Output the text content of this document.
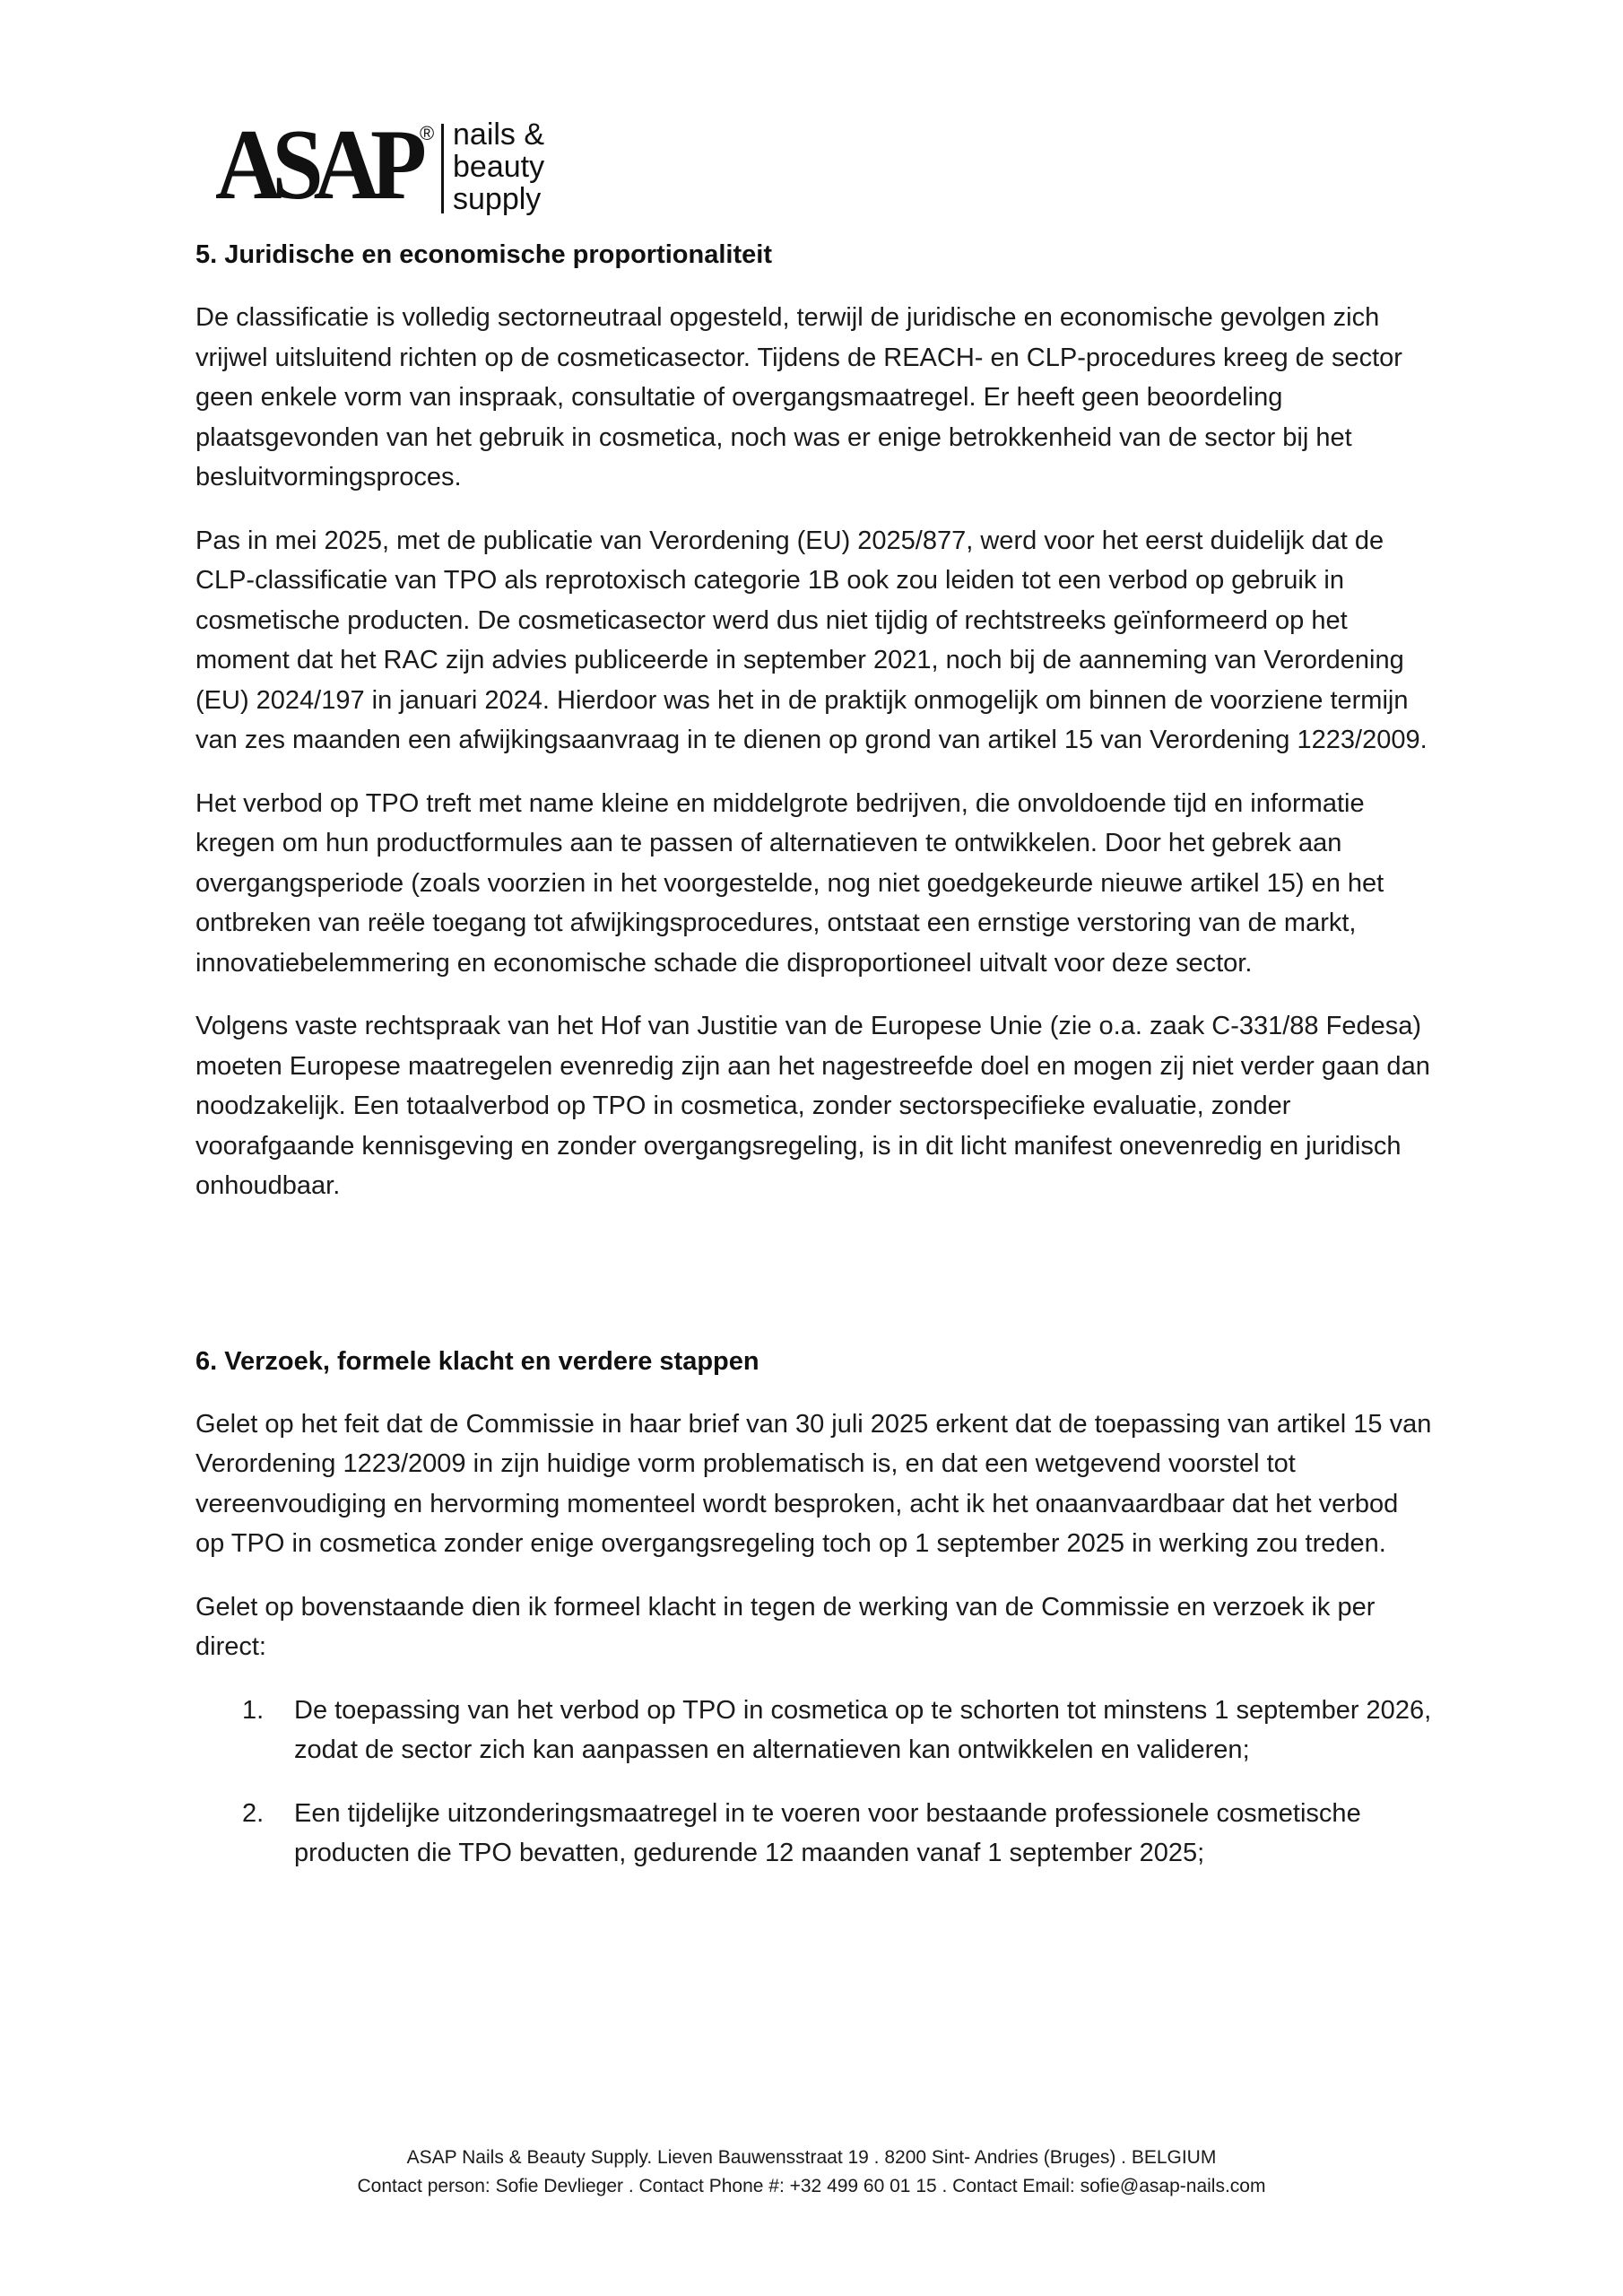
ASAP ® nails &
beauty
supply
5. Juridische en economische proportionaliteit

De classificatie is volledig sectorneutraal opgesteld, terwijl de juridische en economische gevolgen zich vrijwel uitsluitend richten op de cosmeticasector. Tijdens de REACH- en CLP-procedures kreeg de sector geen enkele vorm van inspraak, consultatie of overgangsmaatregel. Er heeft geen beoordeling plaatsgevonden van het gebruik in cosmetica, noch was er enige betrokkenheid van de sector bij het besluitvormingsproces.

Pas in mei 2025, met de publicatie van Verordening (EU) 2025/877, werd voor het eerst duidelijk dat de CLP-classificatie van TPO als reprotoxisch categorie 1B ook zou leiden tot een verbod op gebruik in cosmetische producten. De cosmeticasector werd dus niet tijdig of rechtstreeks geïnformeerd op het moment dat het RAC zijn advies publiceerde in september 2021, noch bij de aanneming van Verordening (EU) 2024/197 in januari 2024. Hierdoor was het in de praktijk onmogelijk om binnen de voorziene termijn van zes maanden een afwijkingsaanvraag in te dienen op grond van artikel 15 van Verordening 1223/2009.

Het verbod op TPO treft met name kleine en middelgrote bedrijven, die onvoldoende tijd en informatie kregen om hun productformules aan te passen of alternatieven te ontwikkelen. Door het gebrek aan overgangsperiode (zoals voorzien in het voorgestelde, nog niet goedgekeurde nieuwe artikel 15) en het ontbreken van reële toegang tot afwijkingsprocedures, ontstaat een ernstige verstoring van de markt, innovatiebelemmering en economische schade die disproportioneel uitvalt voor deze sector.

Volgens vaste rechtspraak van het Hof van Justitie van de Europese Unie (zie o.a. zaak C-331/88 Fedesa) moeten Europese maatregelen evenredig zijn aan het nagestreefde doel en mogen zij niet verder gaan dan noodzakelijk. Een totaalverbod op TPO in cosmetica, zonder sectorspecifieke evaluatie, zonder voorafgaande kennisgeving en zonder overgangsregeling, is in dit licht manifest onevenredig en juridisch onhoudbaar.

6. Verzoek, formele klacht en verdere stappen

Gelet op het feit dat de Commissie in haar brief van 30 juli 2025 erkent dat de toepassing van artikel 15 van Verordening 1223/2009 in zijn huidige vorm problematisch is, en dat een wetgevend voorstel tot vereenvoudiging en hervorming momenteel wordt besproken, acht ik het onaanvaardbaar dat het verbod op TPO in cosmetica zonder enige overgangsregeling toch op 1 september 2025 in werking zou treden.

Gelet op bovenstaande dien ik formeel klacht in tegen de werking van de Commissie en verzoek ik per direct:

1. De toepassing van het verbod op TPO in cosmetica op te schorten tot minstens 1 september 2026, zodat de sector zich kan aanpassen en alternatieven kan ontwikkelen en valideren;
2. Een tijdelijke uitzonderingsmaatregel in te voeren voor bestaande professionele cosmetische producten die TPO bevatten, gedurende 12 maanden vanaf 1 september 2025;
ASAP Nails & Beauty Supply. Lieven Bauwensstraat 19 . 8200 Sint- Andries (Bruges) . BELGIUM
Contact person: Sofie Devlieger . Contact Phone #: +32 499 60 01 15 . Contact Email: sofie@asap-nails.com
